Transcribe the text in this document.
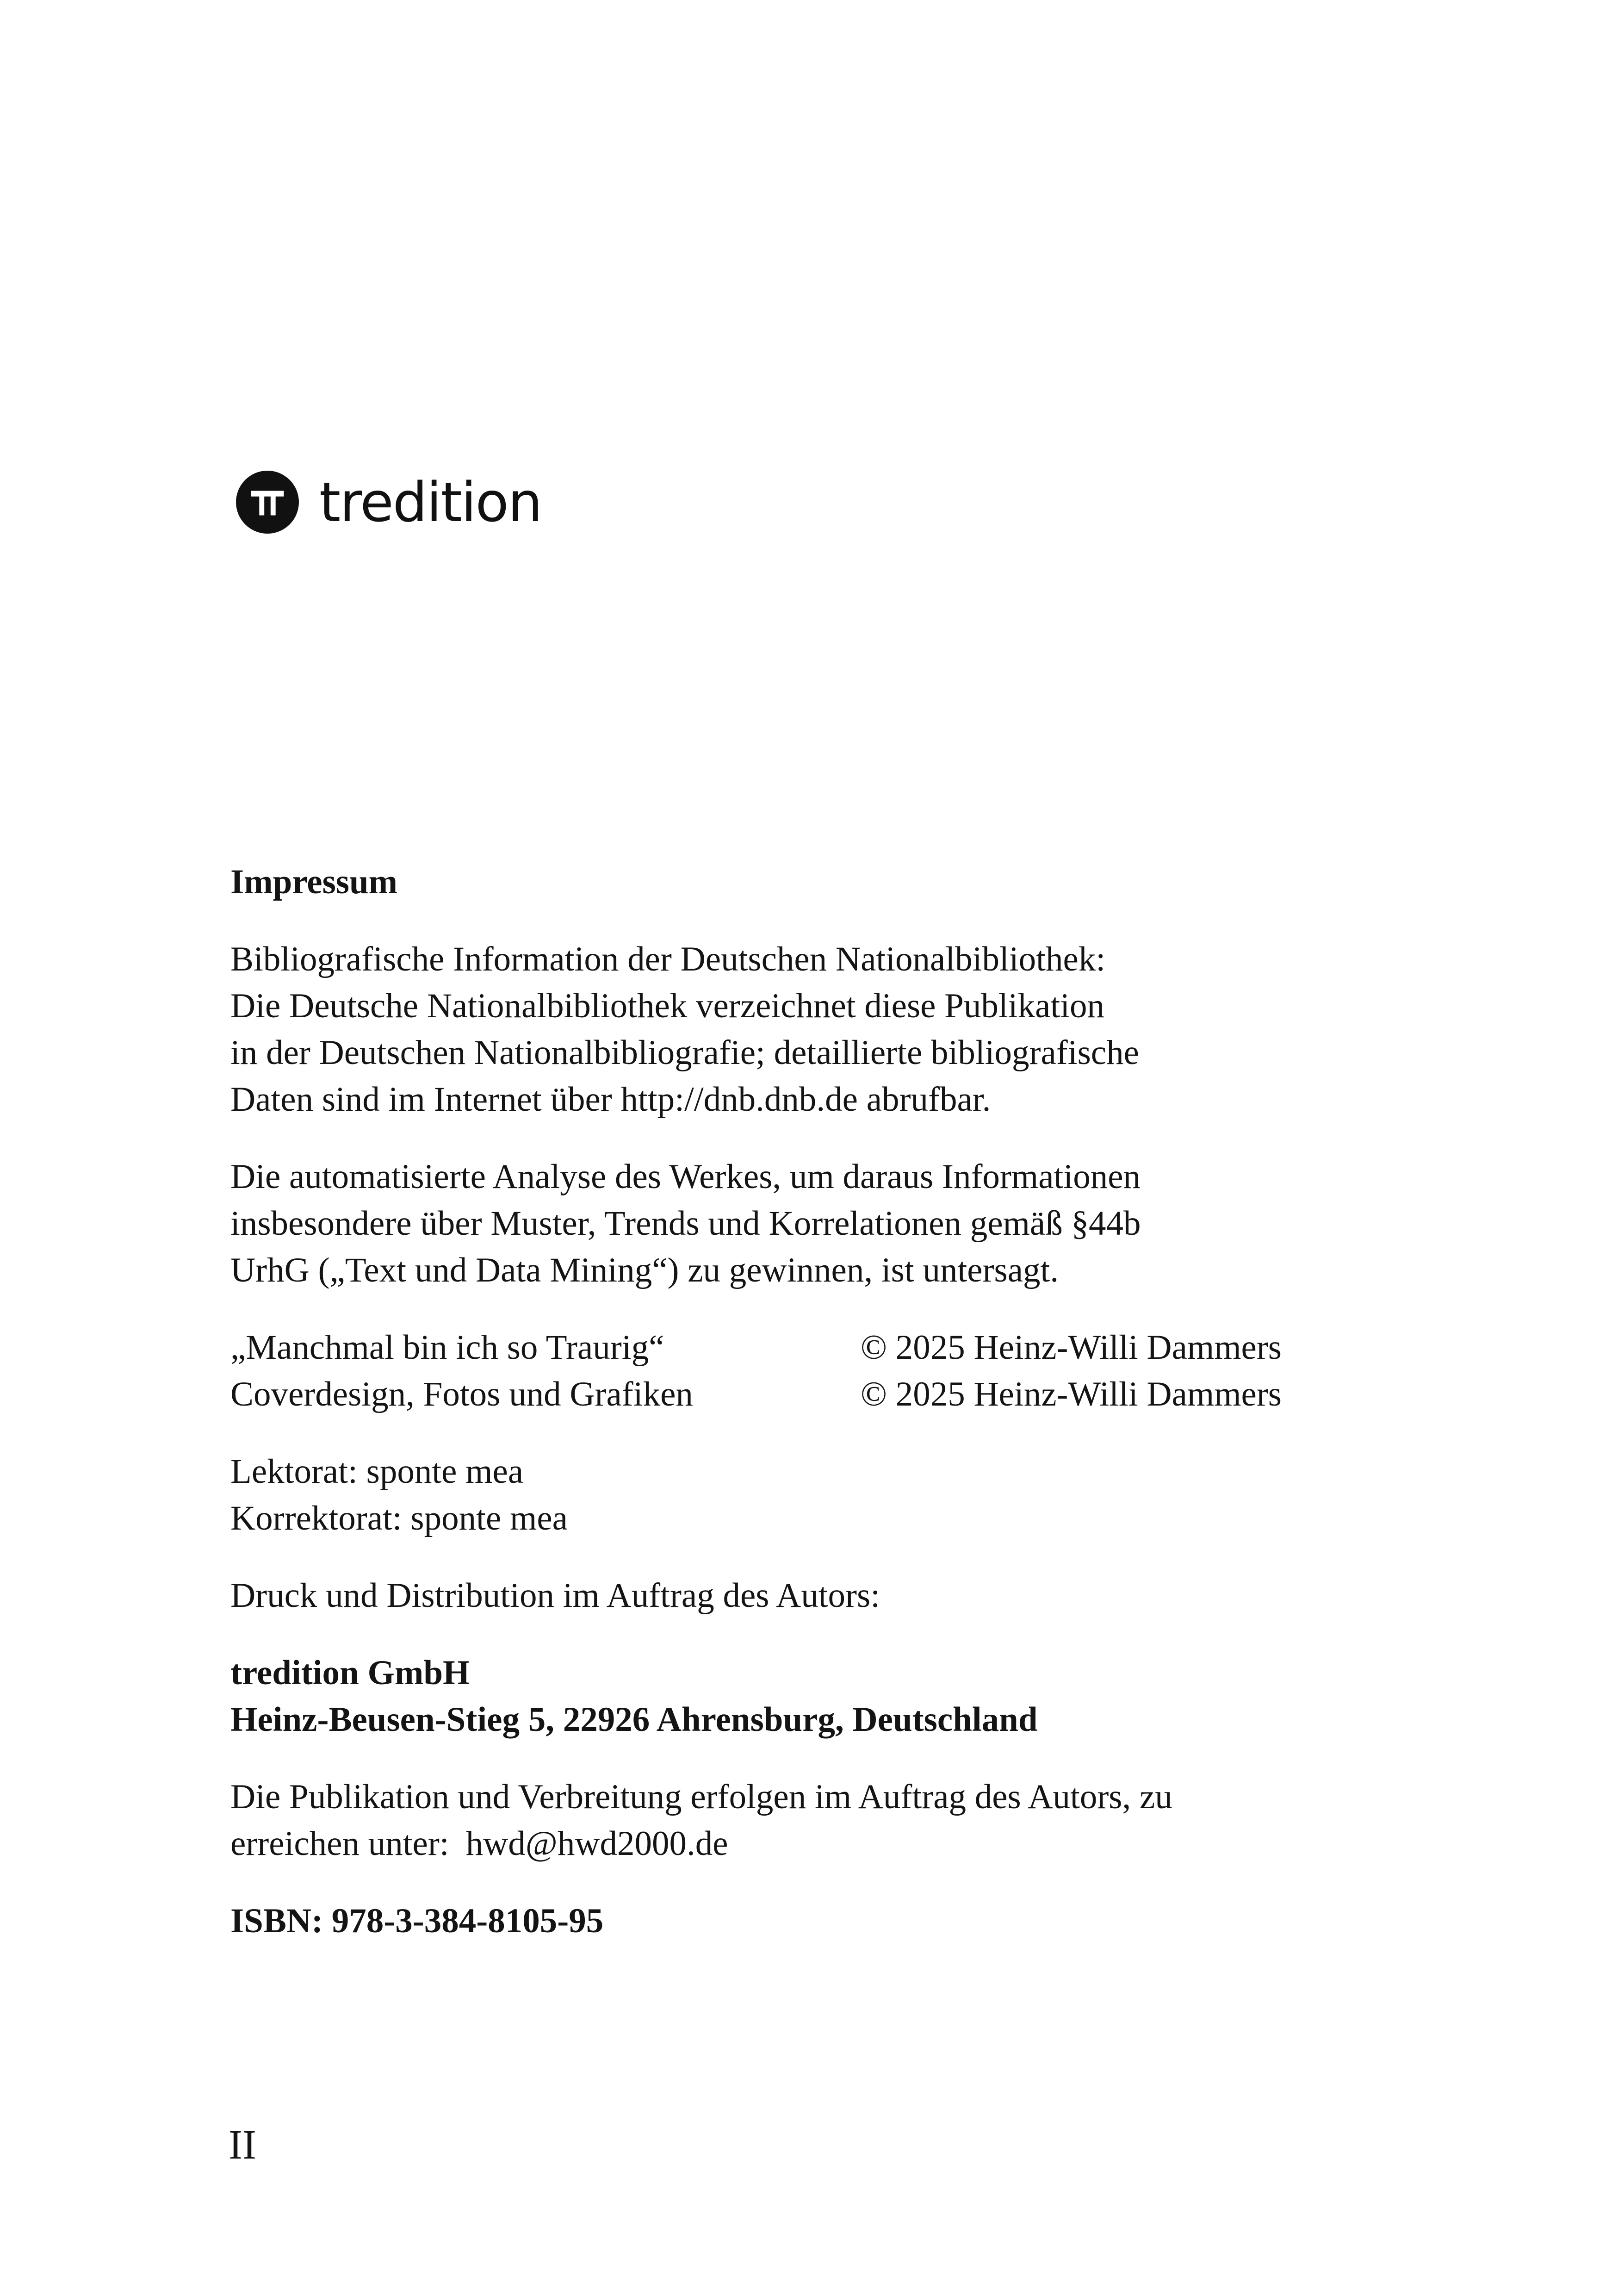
tredition

Impressum

Bibliografische Information der Deutschen Nationalbibliothek:

Die Deutsche Nationalbibliothek verzeichnet diese Publikation

in der Deutschen Nationalbibliografie; detaillierte bibliografische

Daten sind im Internet über http://dnb.dnb.de abrufbar.

Die automatisierte Analyse des Werkes, um daraus Informationen

insbesondere über Muster, Trends und Korrelationen gemäß §44b

UrhG („Text und Data Mining“) zu gewinnen, ist untersagt.

„Manchmal bin ich so Traurig“	© 2025 Heinz-Willi Dammers
Coverdesign, Fotos und Grafiken	© 2025 Heinz-Willi Dammers

Lektorat: sponte mea

Korrektorat: sponte mea

Druck und Distribution im Auftrag des Autors:

tredition GmbH

Heinz-Beusen-Stieg 5, 22926 Ahrensburg, Deutschland

Die Publikation und Verbreitung erfolgen im Auftrag des Autors, zu

erreichen unter: hwd@hwd2000.de

ISBN: 978-3-384-8105-95

II
